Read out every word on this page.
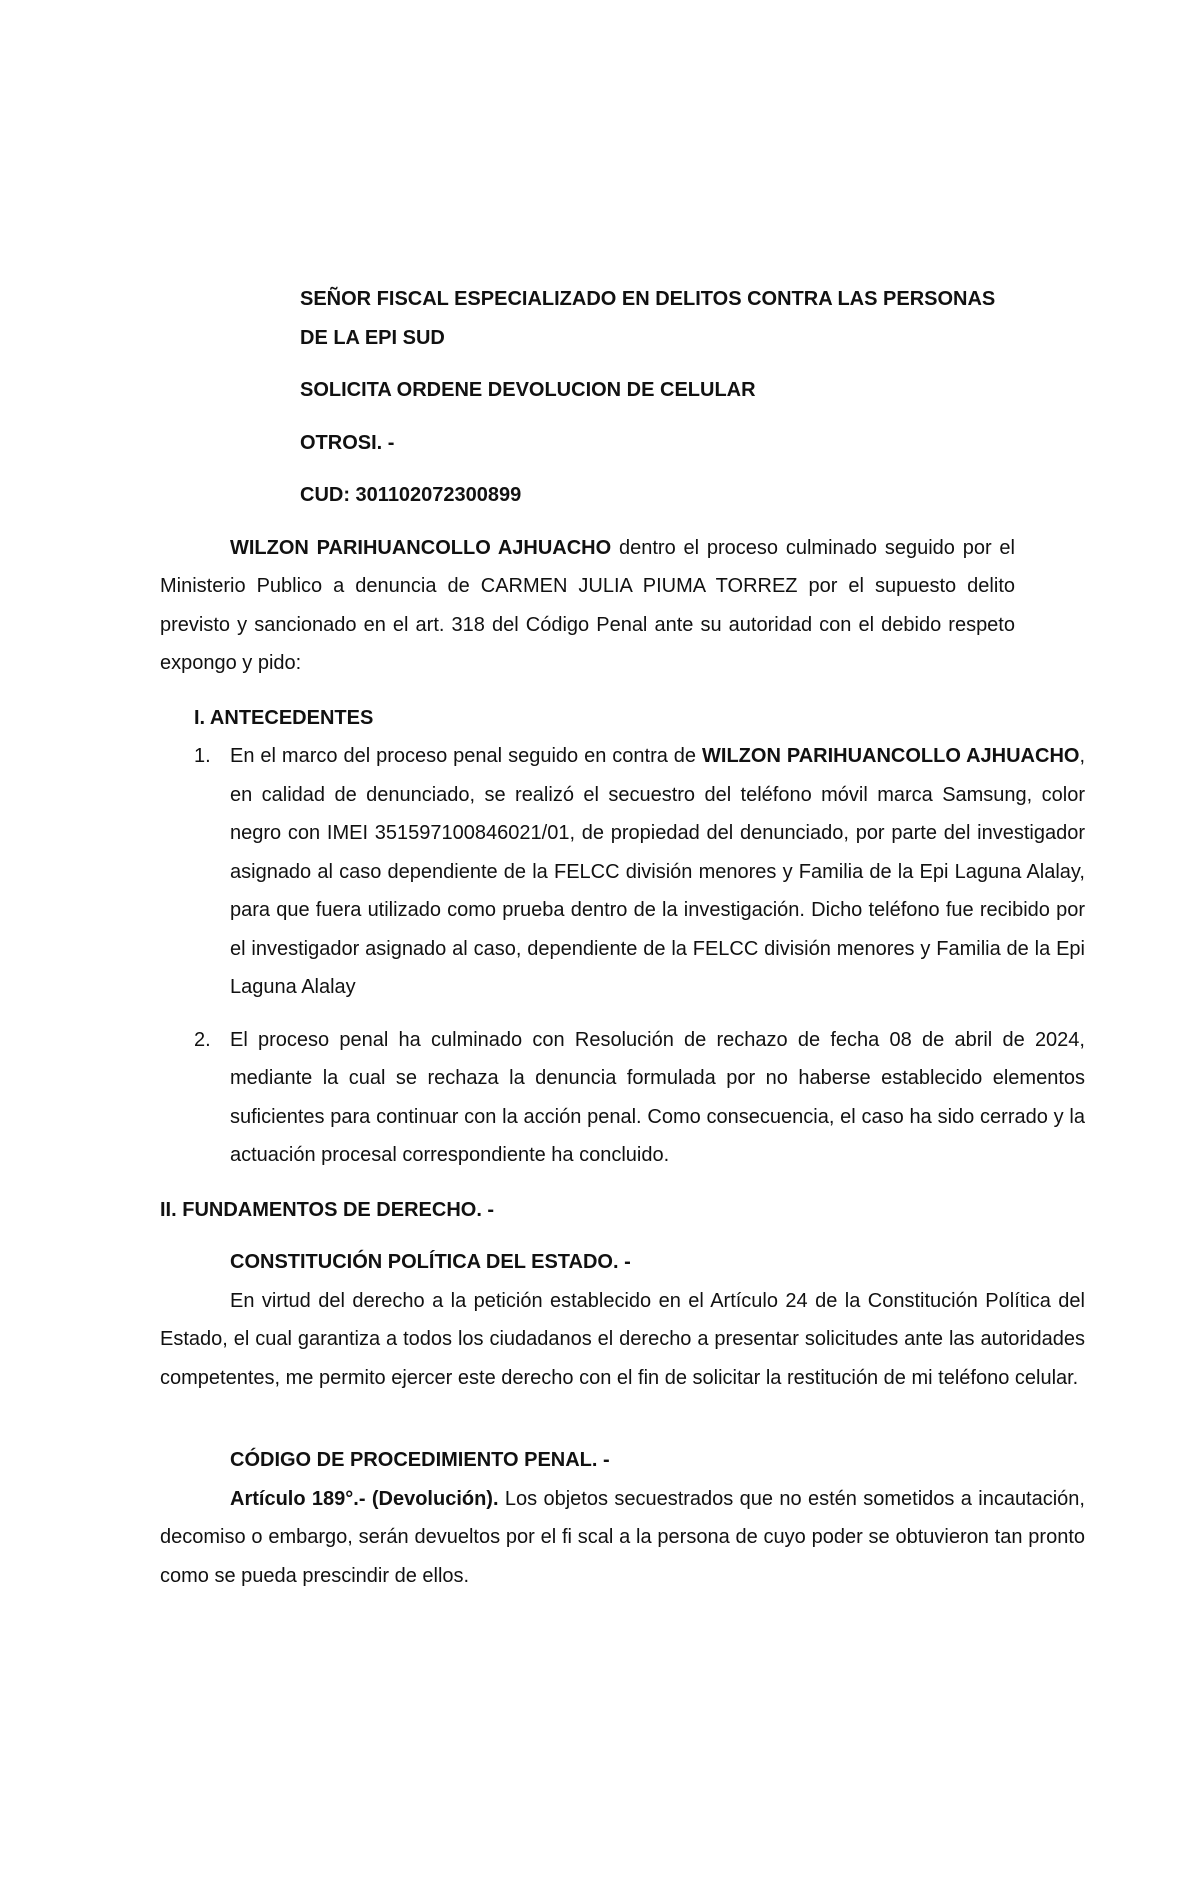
SEÑOR FISCAL ESPECIALIZADO EN DELITOS CONTRA LAS PERSONAS

DE LA EPI SUD

SOLICITA ORDENE DEVOLUCION DE CELULAR

OTROSI. -

CUD: 301102072300899

WILZON PARIHUANCOLLO AJHUACHO dentro el proceso culminado seguido por el Ministerio Publico a denuncia de CARMEN JULIA PIUMA TORREZ por el supuesto delito previsto y sancionado en el art. 318 del Código Penal ante su autoridad con el debido respeto expongo y pido:

I. ANTECEDENTES

1. En el marco del proceso penal seguido en contra de WILZON PARIHUANCOLLO AJHUACHO, en calidad de denunciado, se realizó el secuestro del teléfono móvil marca Samsung, color negro con IMEI 351597100846021/01, de propiedad del denunciado, por parte del investigador asignado al caso dependiente de la FELCC división menores y Familia de la Epi Laguna Alalay, para que fuera utilizado como prueba dentro de la investigación. Dicho teléfono fue recibido por el investigador asignado al caso, dependiente de la FELCC división menores y Familia de la Epi Laguna Alalay
2. El proceso penal ha culminado con Resolución de rechazo de fecha 08 de abril de 2024, mediante la cual se rechaza la denuncia formulada por no haberse establecido elementos suficientes para continuar con la acción penal. Como consecuencia, el caso ha sido cerrado y la actuación procesal correspondiente ha concluido.

II. FUNDAMENTOS DE DERECHO. -

CONSTITUCIÓN POLÍTICA DEL ESTADO. -

En virtud del derecho a la petición establecido en el Artículo 24 de la Constitución Política del Estado, el cual garantiza a todos los ciudadanos el derecho a presentar solicitudes ante las autoridades competentes, me permito ejercer este derecho con el fin de solicitar la restitución de mi teléfono celular.

CÓDIGO DE PROCEDIMIENTO PENAL. -

Artículo 189°.- (Devolución). Los objetos secuestrados que no estén sometidos a incautación, decomiso o embargo, serán devueltos por el fi scal a la persona de cuyo poder se obtuvieron tan pronto como se pueda prescindir de ellos.
